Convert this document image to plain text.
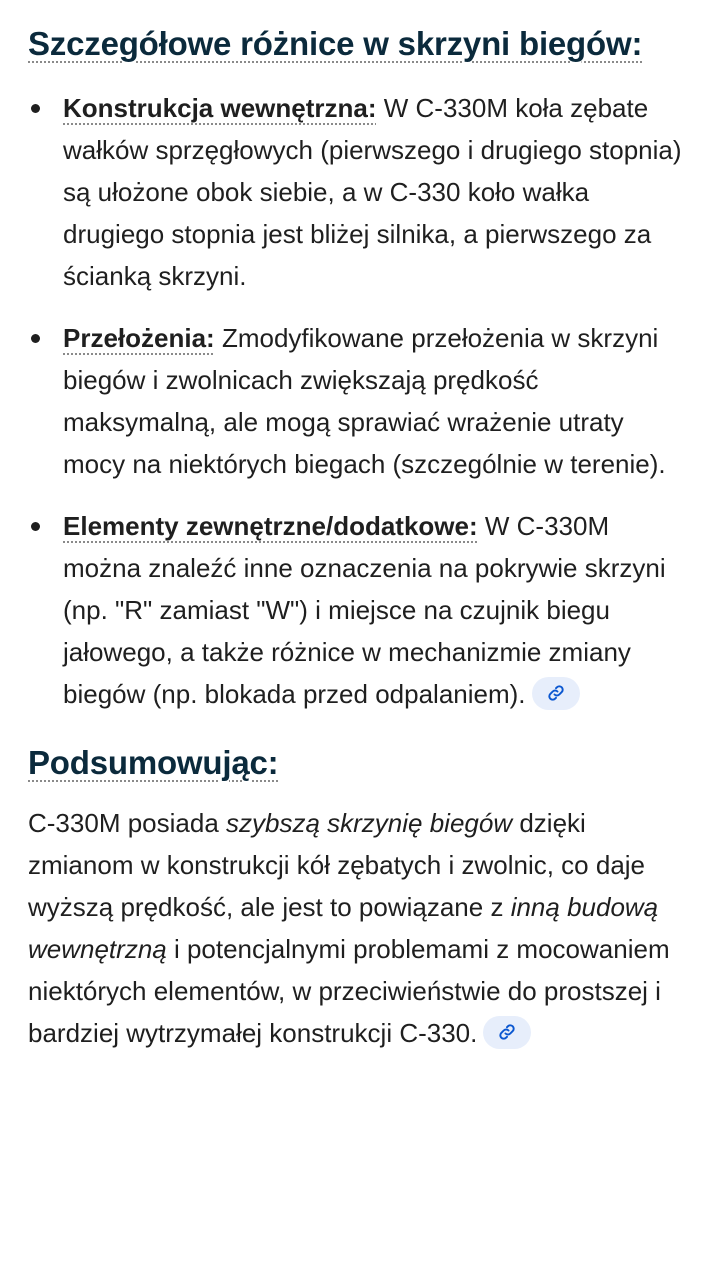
Szczegółowe różnice w skrzyni biegów:
Konstrukcja wewnętrzna: W C-330M koła zębate wałków sprzęgłowych (pierwszego i drugiego stopnia) są ułożone obok siebie, a w C-330 koło wałka drugiego stopnia jest bliżej silnika, a pierwszego za ścianką skrzyni.
Przełożenia: Zmodyfikowane przełożenia w skrzyni biegów i zwolnicach zwiększają prędkość maksymalną, ale mogą sprawiać wrażenie utraty mocy na niektórych biegach (szczególnie w terenie).
Elementy zewnętrzne/dodatkowe: W C-330M można znaleźć inne oznaczenia na pokrywie skrzyni (np. "R" zamiast "W") i miejsce na czujnik biegu jałowego, a także różnice w mechanizmie zmiany biegów (np. blokada przed odpalaniem).
Podsumowując:

C-330M posiada szybszą skrzynię biegów dzięki zmianom w konstrukcji kół zębatych i zwolnic, co daje wyższą prędkość, ale jest to powiązane z inną budową wewnętrzną i potencjalnymi problemami z mocowaniem niektórych elementów, w przeciwieństwie do prostszej i bardziej wytrzymałej konstrukcji C-330.
